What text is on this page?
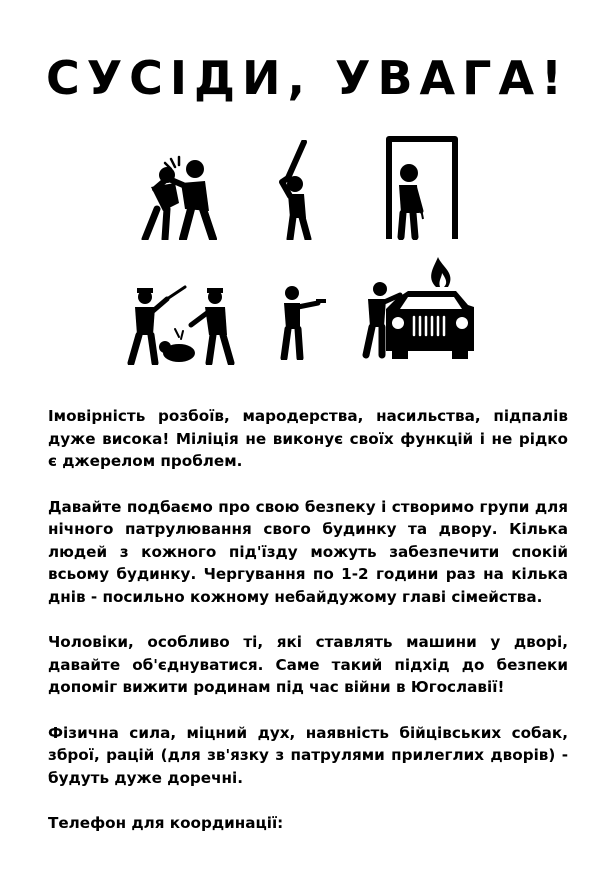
СУСІДИ, УВАГА!

Імовірність розбоїв, мародерства, насильства, підпалів дуже висока! Міліція не виконує своїх функцій і не рідко є джерелом проблем.

Давайте подбаємо про свою безпеку і створимо групи для нічного патрулювання свого будинку та двору. Кілька людей з кожного під'їзду можуть забезпечити спокій всьому будинку. Чергування по 1-2 години раз на кілька днів - посильно кожному небайдужому главі сімейства.

Чоловіки, особливо ті, які ставлять машини у дворі, давайте об'єднуватися. Саме такий підхід до безпеки допоміг вижити родинам під час війни в Югославії!

Фізична сила, міцний дух, наявність бійцівських собак, зброї, рацій (для зв'язку з патрулями прилеглих дворів) - будуть дуже доречні.

Телефон для координації:
